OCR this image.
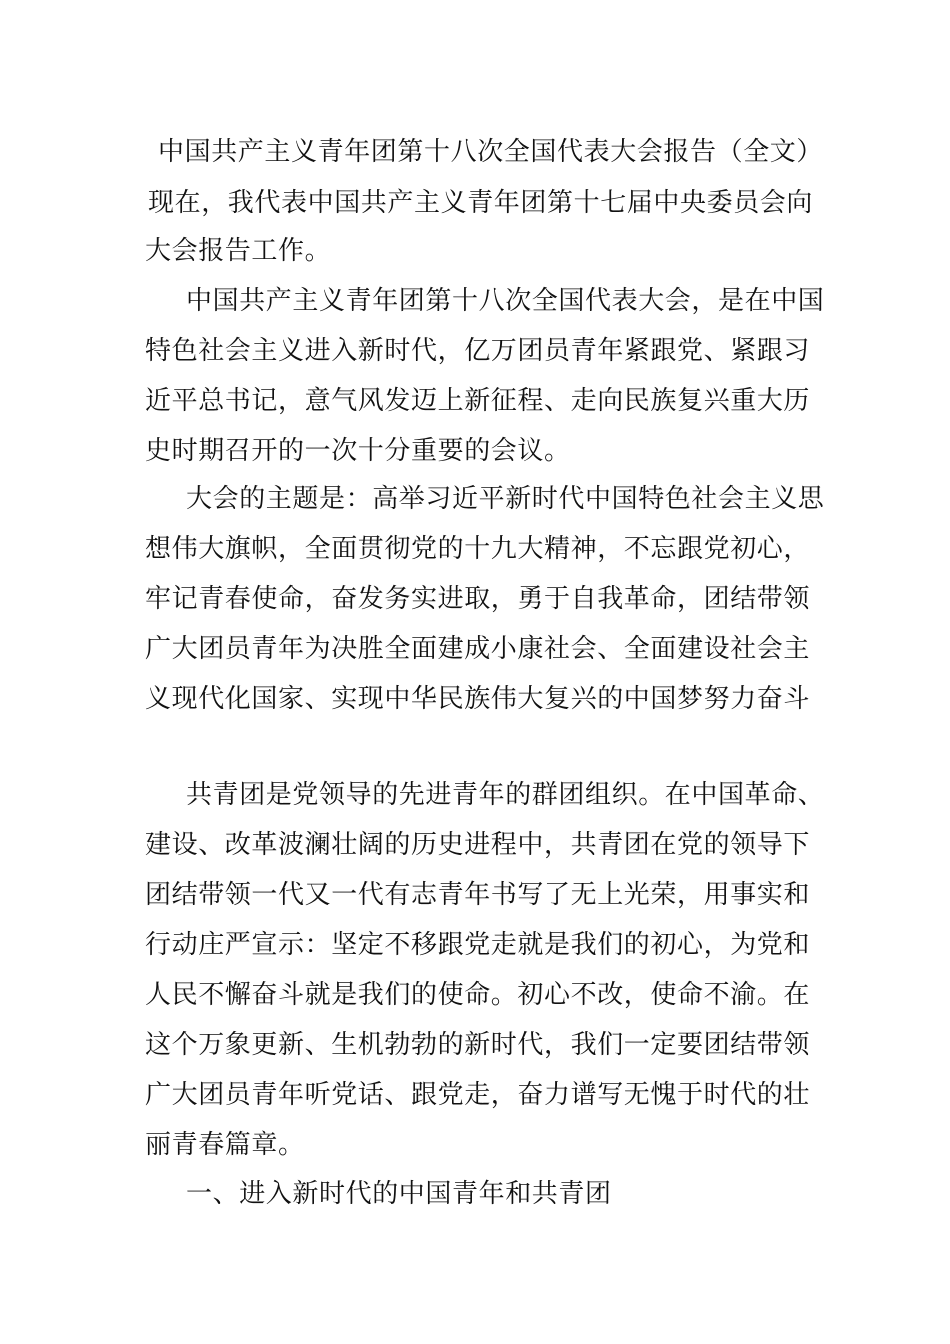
中国共产主义青年团第十八次全国代表大会报告（全文）
现在，我代表中国共产主义青年团第十七届中央委员会向
大会报告工作。
中国共产主义青年团第十八次全国代表大会，是在中国
特色社会主义进入新时代，亿万团员青年紧跟党、紧跟习
近平总书记，意气风发迈上新征程、走向民族复兴重大历
史时期召开的一次十分重要的会议。
大会的主题是：高举习近平新时代中国特色社会主义思
想伟大旗帜，全面贯彻党的十九大精神，不忘跟党初心，
牢记青春使命，奋发务实进取，勇于自我革命，团结带领
广大团员青年为决胜全面建成小康社会、全面建设社会主
义现代化国家、实现中华民族伟大复兴的中国梦努力奋斗
共青团是党领导的先进青年的群团组织。在中国革命、
建设、改革波澜壮阔的历史进程中，共青团在党的领导下
团结带领一代又一代有志青年书写了无上光荣，用事实和
行动庄严宣示：坚定不移跟党走就是我们的初心，为党和
人民不懈奋斗就是我们的使命。初心不改，使命不渝。在
这个万象更新、生机勃勃的新时代，我们一定要团结带领
广大团员青年听党话、跟党走，奋力谱写无愧于时代的壮
丽青春篇章。
一、进入新时代的中国青年和共青团
